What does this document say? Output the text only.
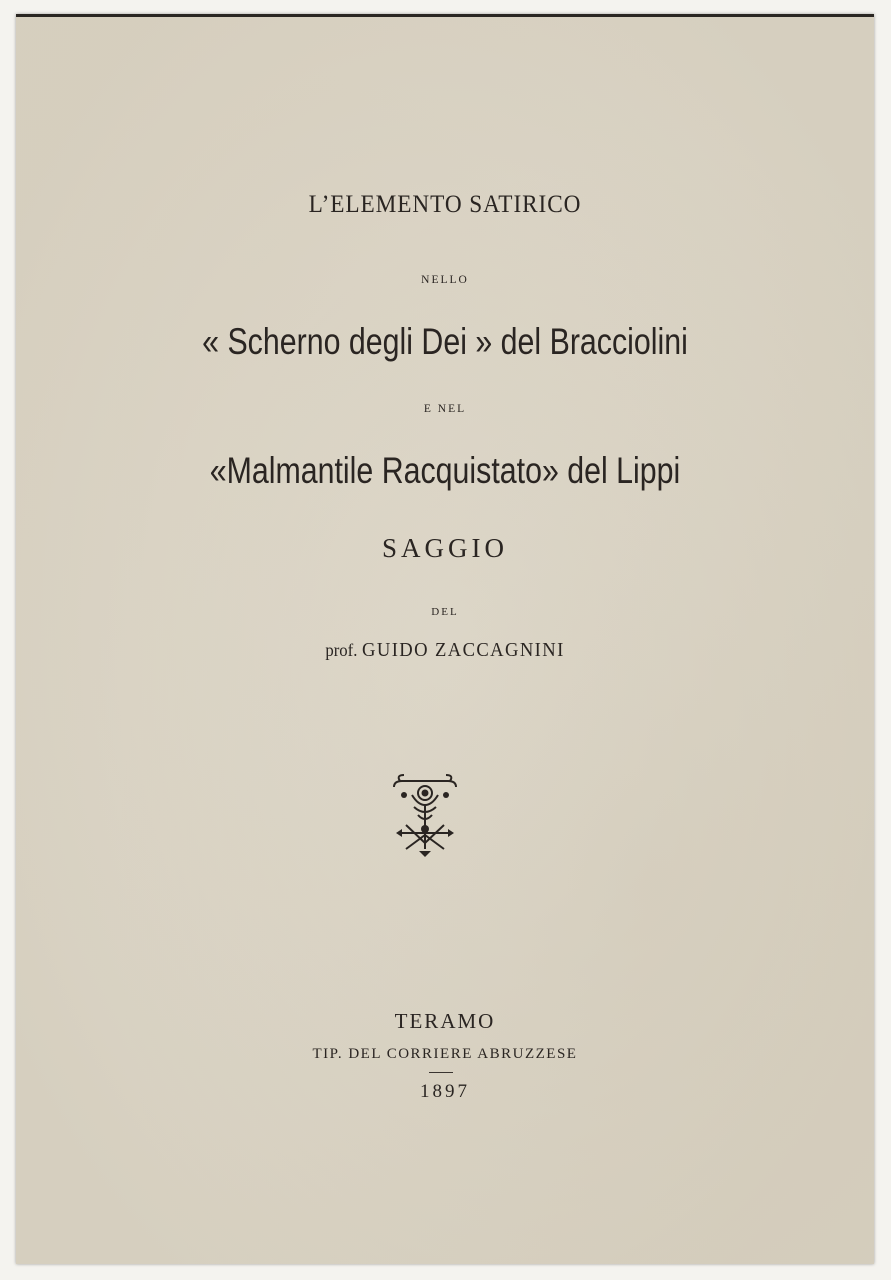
L’ELEMENTO SATIRICO
NELLO
« Scherno degli Dei » del Bracciolini
E NEL
«Malmantile Racquistato» del Lippi
SAGGIO
DEL
prof. GUIDO ZACCAGNINI
TERAMO
TIP. DEL CORRIERE ABRUZZESE
1897
